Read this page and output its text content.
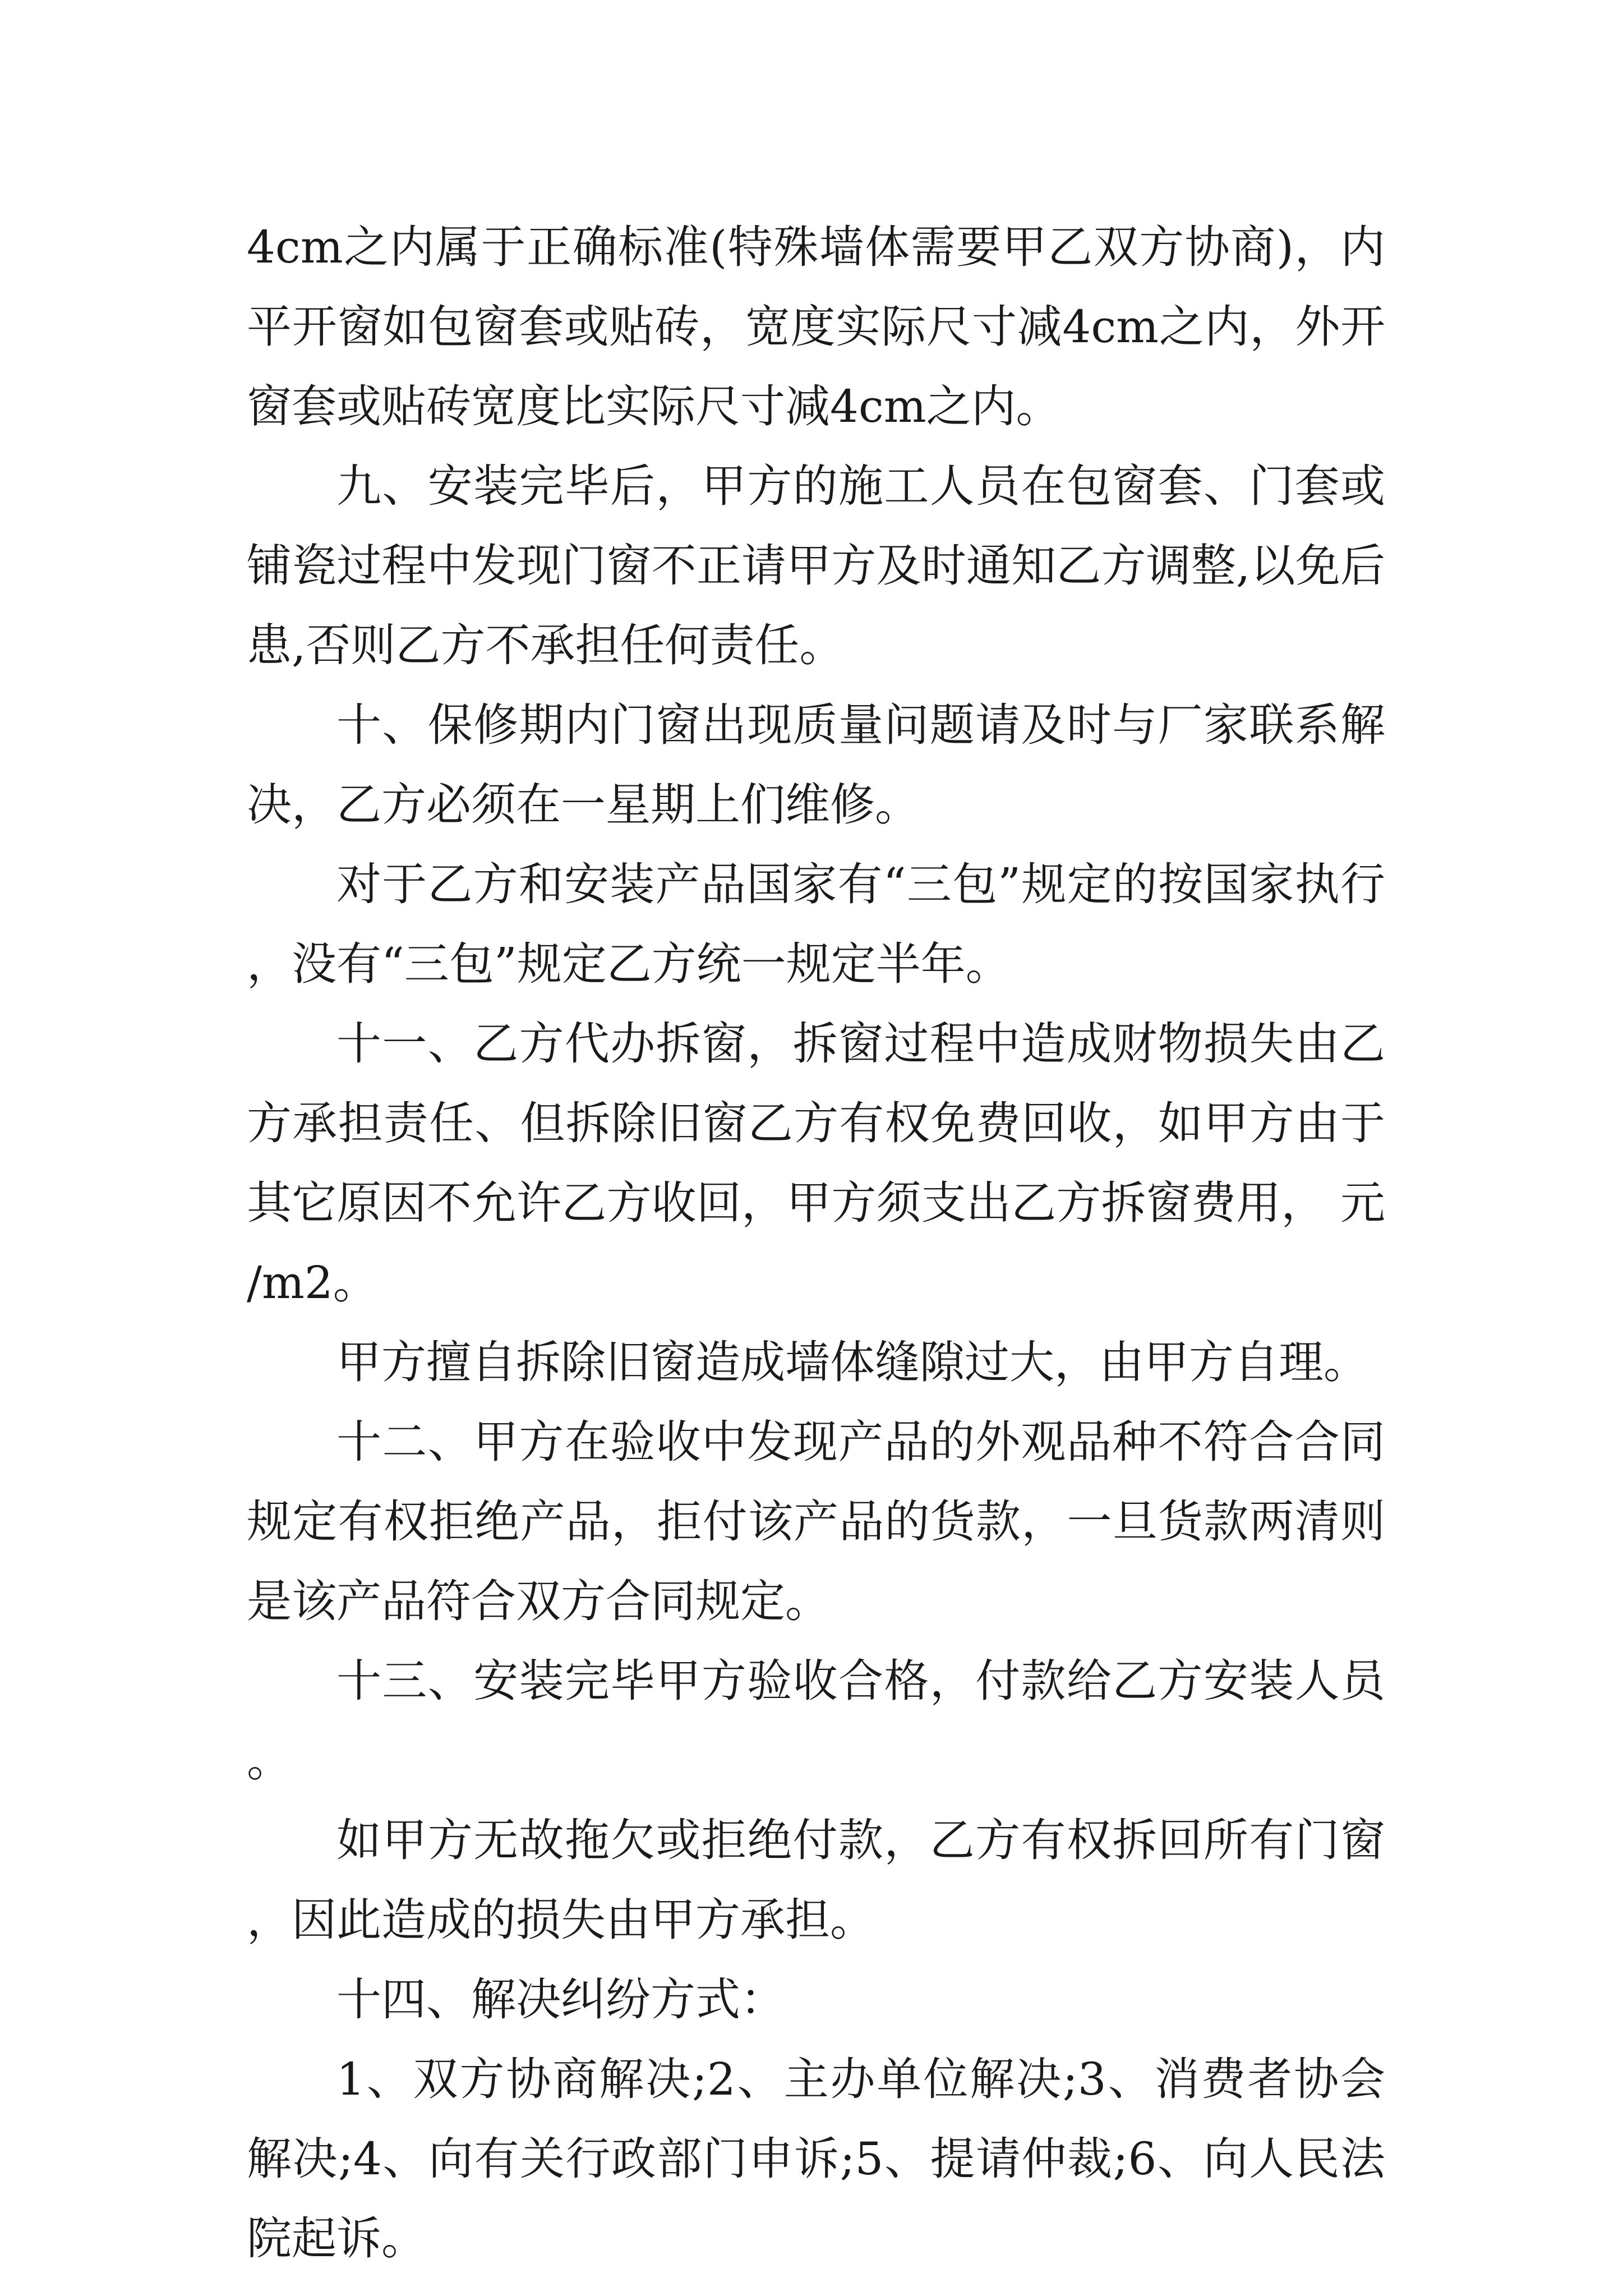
4cm之内属于正确标准(特殊墙体需要甲乙双方协商)，内平开窗如包窗套或贴砖，宽度实际尺寸减4cm之内，外开窗套或贴砖宽度比实际尺寸减4cm之内。

九、安装完毕后，甲方的施工人员在包窗套、门套或铺瓷过程中发现门窗不正请甲方及时通知乙方调整,以免后患,否则乙方不承担任何责任。

十、保修期内门窗出现质量问题请及时与厂家联系解决，乙方必须在一星期上们维修。

对于乙方和安装产品国家有“三包”规定的按国家执行，没有“三包”规定乙方统一规定半年。

十一、乙方代办拆窗，拆窗过程中造成财物损失由乙方承担责任、但拆除旧窗乙方有权免费回收，如甲方由于其它原因不允许乙方收回，甲方须支出乙方拆窗费用， 元/m2。

甲方擅自拆除旧窗造成墙体缝隙过大，由甲方自理。

十二、甲方在验收中发现产品的外观品种不符合合同规定有权拒绝产品，拒付该产品的货款，一旦货款两清则是该产品符合双方合同规定。

十三、安装完毕甲方验收合格，付款给乙方安装人员。

如甲方无故拖欠或拒绝付款，乙方有权拆回所有门窗，因此造成的损失由甲方承担。

十四、解决纠纷方式：

1、双方协商解决;2、主办单位解决;3、消费者协会解决;4、向有关行政部门申诉;5、提请仲裁;6、向人民法院起诉。
